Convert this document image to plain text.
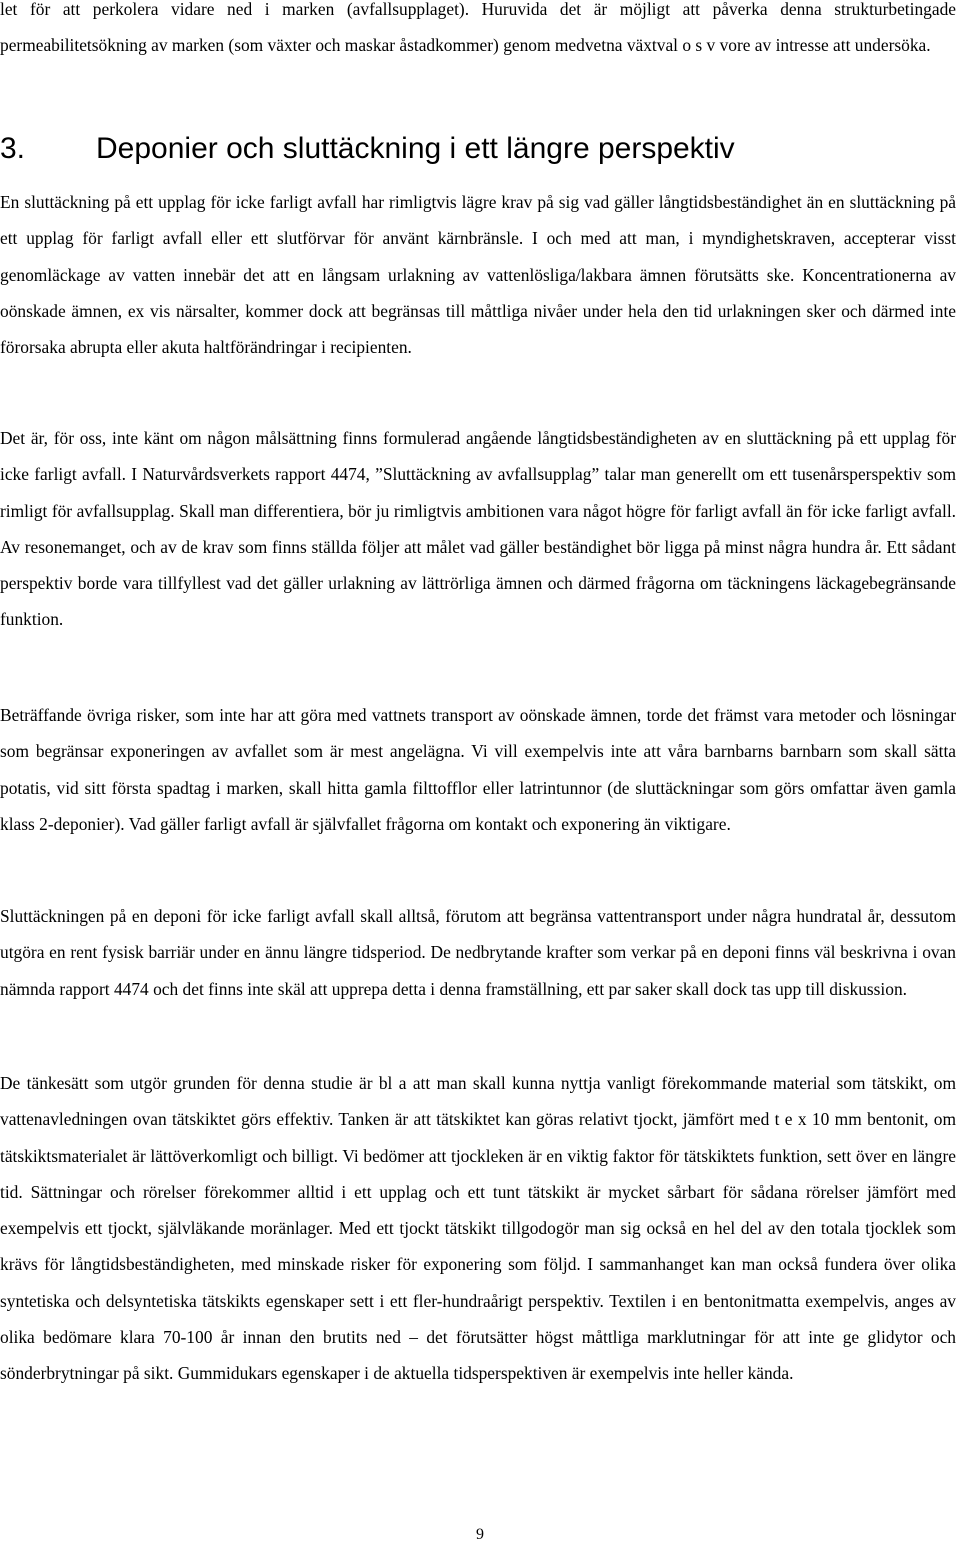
let för att perkolera vidare ned i marken (avfallsupplaget). Huruvida det är möjligt att påverka denna strukturbetingade permeabilitetsökning av marken (som växter och maskar åstadkommer) genom medvetna växtval o s v vore av intresse att undersöka.

3. Deponier och sluttäckning i ett längre perspektiv

En sluttäckning på ett upplag för icke farligt avfall har rimligtvis lägre krav på sig vad gäller långtidsbeständighet än en sluttäckning på ett upplag för farligt avfall eller ett slutförvar för använt kärnbränsle. I och med att man, i myndighetskraven, accepterar visst genomläckage av vatten innebär det att en långsam urlakning av vattenlösliga/lakbara ämnen förutsätts ske. Koncentrationerna av oönskade ämnen, ex vis närsalter, kommer dock att begränsas till måttliga nivåer under hela den tid urlakningen sker och därmed inte förorsaka abrupta eller akuta haltförändringar i recipienten.

Det är, för oss, inte känt om någon målsättning finns formulerad angående långtidsbeständigheten av en sluttäckning på ett upplag för icke farligt avfall. I Naturvårdsverkets rapport 4474, ”Sluttäckning av avfallsupplag” talar man generellt om ett tusenårsperspektiv som rimligt för avfallsupplag. Skall man differentiera, bör ju rimligtvis ambitionen vara något högre för farligt avfall än för icke farligt avfall. Av resonemanget, och av de krav som finns ställda följer att målet vad gäller beständighet bör ligga på minst några hundra år. Ett sådant perspektiv borde vara tillfyllest vad det gäller urlakning av lättrörliga ämnen och därmed frågorna om täckningens läckagebegränsande funktion.

Beträffande övriga risker, som inte har att göra med vattnets transport av oönskade ämnen, torde det främst vara metoder och lösningar som begränsar exponeringen av avfallet som är mest angelägna. Vi vill exempelvis inte att våra barnbarns barnbarn som skall sätta potatis, vid sitt första spadtag i marken, skall hitta gamla filttofflor eller latrintunnor (de sluttäckningar som görs omfattar även gamla klass 2-deponier). Vad gäller farligt avfall är självfallet frågorna om kontakt och exponering än viktigare.

Sluttäckningen på en deponi för icke farligt avfall skall alltså, förutom att begränsa vattentransport under några hundratal år, dessutom utgöra en rent fysisk barriär under en ännu längre tidsperiod. De nedbrytande krafter som verkar på en deponi finns väl beskrivna i ovan nämnda rapport 4474 och det finns inte skäl att upprepa detta i denna framställning, ett par saker skall dock tas upp till diskussion.

De tänkesätt som utgör grunden för denna studie är bl a att man skall kunna nyttja vanligt förekommande material som tätskikt, om vattenavledningen ovan tätskiktet görs effektiv. Tanken är att tätskiktet kan göras relativt tjockt, jämfört med t e x 10 mm bentonit, om tätskiktsmaterialet är lättöverkomligt och billigt. Vi bedömer att tjockleken är en viktig faktor för tätskiktets funktion, sett över en längre tid. Sättningar och rörelser förekommer alltid i ett upplag och ett tunt tätskikt är mycket sårbart för sådana rörelser jämfört med exempelvis ett tjockt, självläkande moränlager. Med ett tjockt tätskikt tillgodogör man sig också en hel del av den totala tjocklek som krävs för långtidsbeständigheten, med minskade risker för exponering som följd. I sammanhanget kan man också fundera över olika syntetiska och delsyntetiska tätskikts egenskaper sett i ett fler-hundraårigt perspektiv. Textilen i en bentonitmatta exempelvis, anges av olika bedömare klara 70-100 år innan den brutits ned – det förutsätter högst måttliga marklutningar för att inte ge glidytor och sönderbrytningar på sikt. Gummidukars egenskaper i de aktuella tidsperspektiven är exempelvis inte heller kända.

9
